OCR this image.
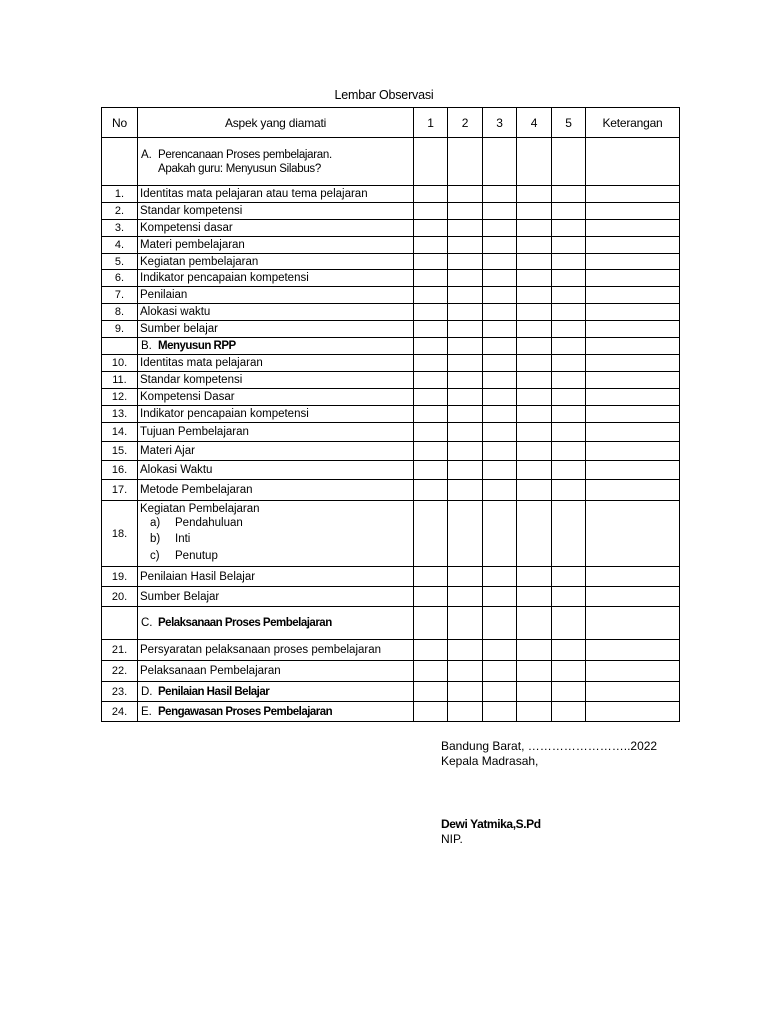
Lembar Observasi
No	Aspek yang diamati	1	2	3	4	5	Keterangan

	A. Perencanaan Proses pembelajaran.
Apakah guru: Menyusun Silabus?						

1.	Identitas mata pelajaran atau tema pelajaran						

2.	Standar kompetensi						

3.	Kompetensi dasar						

4.	Materi pembelajaran						

5.	Kegiatan pembelajaran						

6.	Indikator pencapaian kompetensi						

7.	Penilaian						

8.	Alokasi waktu						

9.	Sumber belajar						

	B. Menyusun RPP						

10.	Identitas mata pelajaran						

11.	Standar kompetensi						

12.	Kompetensi Dasar						

13.	Indikator pencapaian kompetensi						

14.	Tujuan Pembelajaran						

15.	Materi Ajar						

16.	Alokasi Waktu						

17.	Metode Pembelajaran						

18.	Kegiatan Pembelajaran
a) Pendahuluan
b) Inti
c) Penutup						

19.	Penilaian Hasil Belajar						

20.	Sumber Belajar						

	C. Pelaksanaan Proses Pembelajaran						

21.	Persyaratan pelaksanaan proses pembelajaran						

22.	Pelaksanaan Pembelajaran						

23.	D. Penilaian Hasil Belajar						

24.	E. Pengawasan Proses Pembelajaran						

Bandung Barat, ……………………..2022
Kepala Madrasah,
Dewi Yatmika,S.Pd
NIP.
